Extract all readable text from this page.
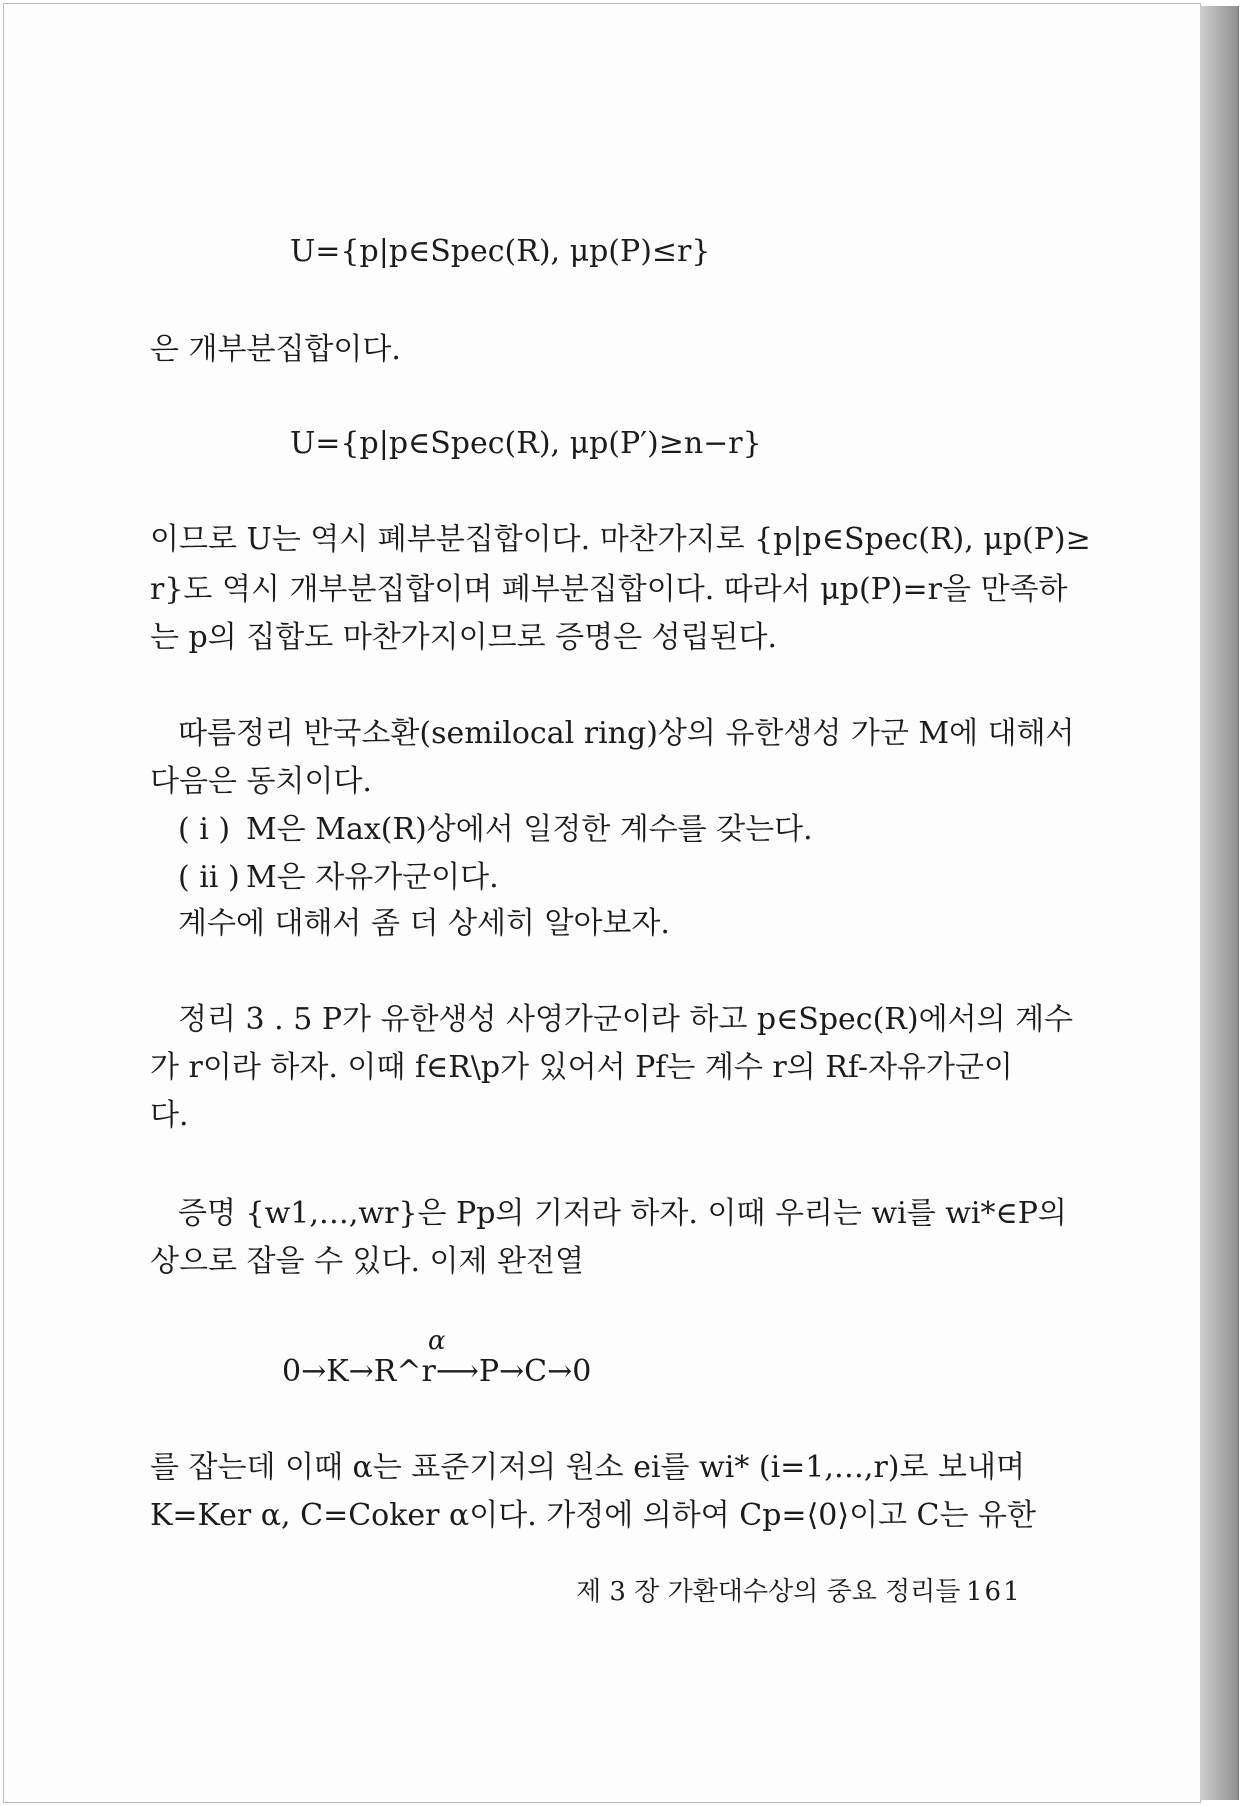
U={p|p∈Spec(R), μp(P)≤r}
은 개부분집합이다.
U={p|p∈Spec(R), μp(P′)≥n−r}
이므로 U는 역시 폐부분집합이다. 마찬가지로 {p|p∈Spec(R), μp(P)≥
r}도 역시 개부분집합이며 폐부분집합이다. 따라서 μp(P)=r을 만족하
는 p의 집합도 마찬가지이므로 증명은 성립된다.
따름정리 반국소환(semilocal ring)상의 유한생성 가군 M에 대해서
다음은 동치이다.
( i ) M은 Max(R)상에서 일정한 계수를 갖는다.
( ii ) M은 자유가군이다.
계수에 대해서 좀 더 상세히 알아보자.
정리 3 . 5 P가 유한생성 사영가군이라 하고 p∈Spec(R)에서의 계수
가 r이라 하자. 이때 f∈R\p가 있어서 Pf는 계수 r의 Rf-자유가군이
다.
증명 {w1,…,wr}은 Pp의 기저라 하자. 이때 우리는 wi를 wi*∈P의
상으로 잡을 수 있다. 이제 완전열
α
0→K→R^r⟶P→C→0
를 잡는데 이때 α는 표준기저의 원소 ei를 wi* (i=1,…,r)로 보내며
K=Ker α, C=Coker α이다. 가정에 의하여 Cp=⟨0⟩이고 C는 유한
제 3 장 가환대수상의 중요 정리들 161
